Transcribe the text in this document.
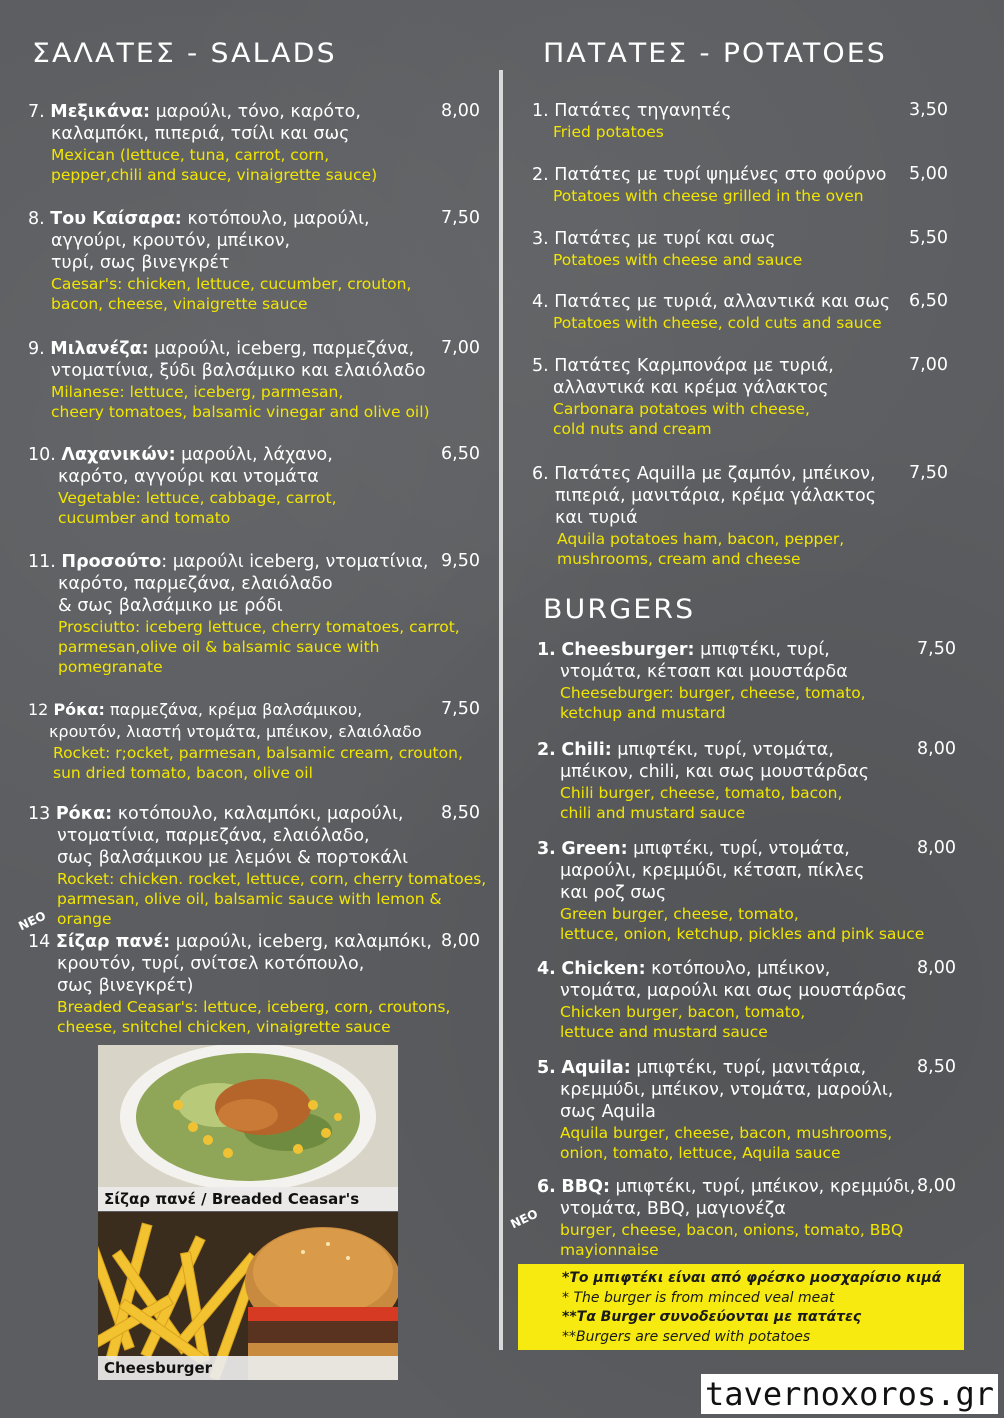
ΣΑΛΑΤΕΣ - SALADS	ΠΑΤΑΤΕΣ - POTATOES
BURGERS
7. Μεξικάνα: μαρούλι, τόνο, καρότο,
καλαμπόκι, πιπεριά, τσίλι και σως
Mexican (lettuce, tuna, carrot, corn,
pepper,chili and sauce, vinaigrette sauce)
8,00
8. Του Καίσαρα: κοτόπουλο, μαρούλι,
αγγούρι, κρουτόν, μπέικον,
τυρί, σως βινεγκρέτ
Caesar's: chicken, lettuce, cucumber, crouton,
bacon, cheese, vinaigrette sauce
7,50
9. Μιλανέζα: μαρούλι, iceberg, παρμεζάνα,
ντοματίνια, ξύδι βαλσάμικο και ελαιόλαδο
Milanese: lettuce, iceberg, parmesan,
cheery tomatoes, balsamic vinegar and olive oil)
7,00
10. Λαχανικών: μαρούλι, λάχανο,
καρότο, αγγούρι και ντομάτα
Vegetable: lettuce, cabbage, carrot,
cucumber and tomato
6,50
11. Προσούτο: μαρούλι iceberg, ντοματίνια,
καρότο, παρμεζάνα, ελαιόλαδο
& σως βαλσάμικο με ρόδι
Prosciutto: iceberg lettuce, cherry tomatoes, carrot,
parmesan,olive oil & balsamic sauce with
pomegranate
9,50
12 Ρόκα: παρμεζάνα, κρέμα βαλσάμικου,
κρουτόν, λιαστή ντομάτα, μπέικον, ελαιόλαδο
Rocket: r;ocket, parmesan, balsamic cream, crouton,
sun dried tomato, bacon, olive oil
7,50
13 Ρόκα: κοτόπουλο, καλαμπόκι, μαρούλι,
ντοματίνια, παρμεζάνα, ελαιόλαδο,
σως βαλσάμικου με λεμόνι & πορτοκάλι
Rocket: chicken. rocket, lettuce, corn, cherry tomatoes,
parmesan, olive oil, balsamic sauce with lemon & orange
8,50
ΝΕΟ
14 Σίζαρ πανέ: μαρούλι, iceberg, καλαμπόκι,
κρουτόν, τυρί, σνίτσελ κοτόπουλο,
σως βινεγκρέτ)
Breaded Ceasar's: lettuce, iceberg, corn, croutons,
cheese, snitchel chicken, vinaigrette sauce
8,00
Σίζαρ πανέ / Breaded Ceasar's
Cheesburger
1. Πατάτες τηγανητές
Fried potatoes
3,50
2. Πατάτες με τυρί ψημένες στο φούρνο
Potatoes with cheese grilled in the oven
5,00
3. Πατάτες με τυρί και σως
Potatoes with cheese and sauce
5,50
4. Πατάτες με τυριά, αλλαντικά και σως
Potatoes with cheese, cold cuts and sauce
6,50
5. Πατάτες Καρμπονάρα με τυριά,
αλλαντικά και κρέμα γάλακτος
Carbonara potatoes with cheese,
cold nuts and cream
7,00
6. Πατάτες Aquilla με ζαμπόν, μπέικον,
πιπεριά, μανιτάρια, κρέμα γάλακτος
και τυριά
Aquila potatoes ham, bacon, pepper,
mushrooms, cream and cheese
7,50
1. Cheesburger: μπιφτέκι, τυρί,
ντομάτα, κέτσαπ και μουστάρδα
Cheeseburger: burger, cheese, tomato,
ketchup and mustard
7,50
2. Chili: μπιφτέκι, τυρί, ντομάτα,
μπέικον, chili, και σως μουστάρδας
Chili burger, cheese, tomato, bacon,
chili and mustard sauce
8,00
3. Green: μπιφτέκι, τυρί, ντομάτα,
μαρούλι, κρεμμύδι, κέτσαπ, πίκλες
και ροζ σως
Green burger, cheese, tomato,
lettuce, onion, ketchup, pickles and pink sauce
8,00
4. Chicken: κοτόπουλο, μπέικον,
ντομάτα, μαρούλι και σως μουστάρδας
Chicken burger, bacon, tomato,
lettuce and mustard sauce
8,00
5. Aquila: μπιφτέκι, τυρί, μανιτάρια,
κρεμμύδι, μπέικον, ντομάτα, μαρούλι,
σως Aquila
Aquila burger, cheese, bacon, mushrooms,
onion, tomato, lettuce, Aquila sauce
8,50
ΝΕΟ
6. BBQ: μπιφτέκι, τυρί, μπέικον, κρεμμύδι,
ντομάτα, BBQ, μαγιονέζα
burger, cheese, bacon, onions, tomato, BBQ
mayionnaise
8,00
*Το μπιφτέκι είναι από φρέσκο μοσχαρίσιο κιμά
* The burger is from minced veal meat
**Τα Burger συνοδεύονται με πατάτες
**Burgers are served with potatoes
tavernoxoros.gr
